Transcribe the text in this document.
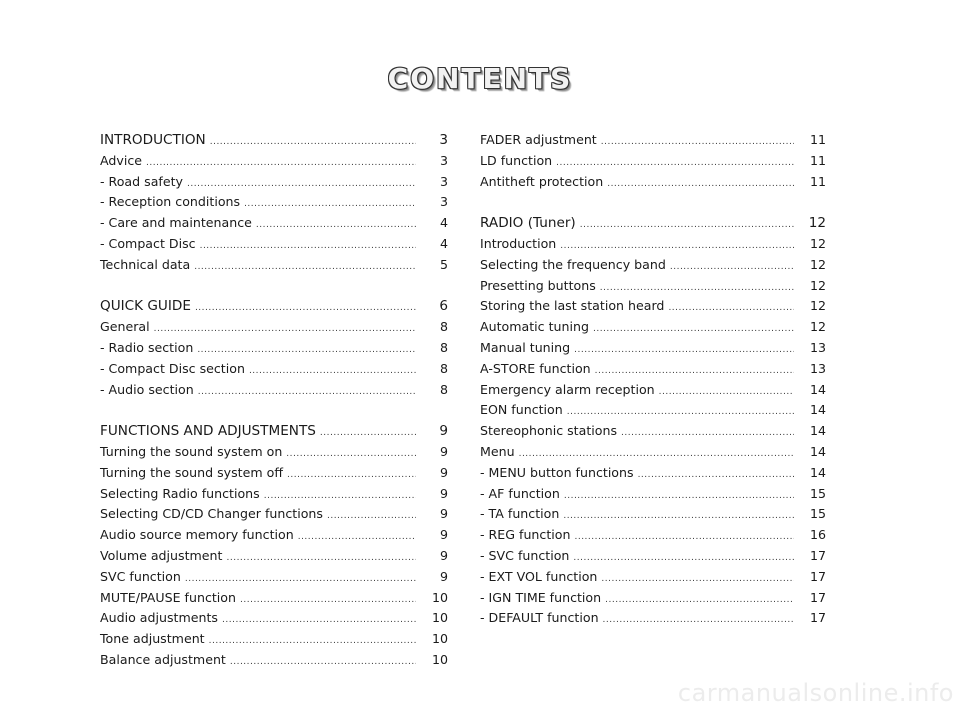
CONTENTS
INTRODUCTION .....	3
Advice .....	3
- Road safety .....	3
- Reception conditions .....	3
- Care and maintenance .....	4
- Compact Disc .....	4
Technical data .....	5
QUICK GUIDE .....	6
General .....	8
- Radio section .....	8
- Compact Disc section .....	8
- Audio section .....	8
FUNCTIONS AND ADJUSTMENTS .....	9
Turning the sound system on .....	9
Turning the sound system off .....	9
Selecting Radio functions .....	9
Selecting CD/CD Changer functions .....	9
Audio source memory function .....	9
Volume adjustment .....	9
SVC function .....	9
MUTE/PAUSE function .....	10
Audio adjustments .....	10
Tone adjustment .....	10
Balance adjustment .....	10
FADER adjustment .....	11
LD function .....	11
Antitheft protection .....	11
RADIO (Tuner) .....	12
Introduction .....	12
Selecting the frequency band .....	12
Presetting buttons .....	12
Storing the last station heard .....	12
Automatic tuning .....	12
Manual tuning .....	13
A-STORE function .....	13
Emergency alarm reception .....	14
EON function .....	14
Stereophonic stations .....	14
Menu .....	14
- MENU button functions .....	14
- AF function .....	15
- TA function .....	15
- REG function .....	16
- SVC function .....	17
- EXT VOL function .....	17
- IGN TIME function .....	17
- DEFAULT function .....	17
carmanualsonline.info
